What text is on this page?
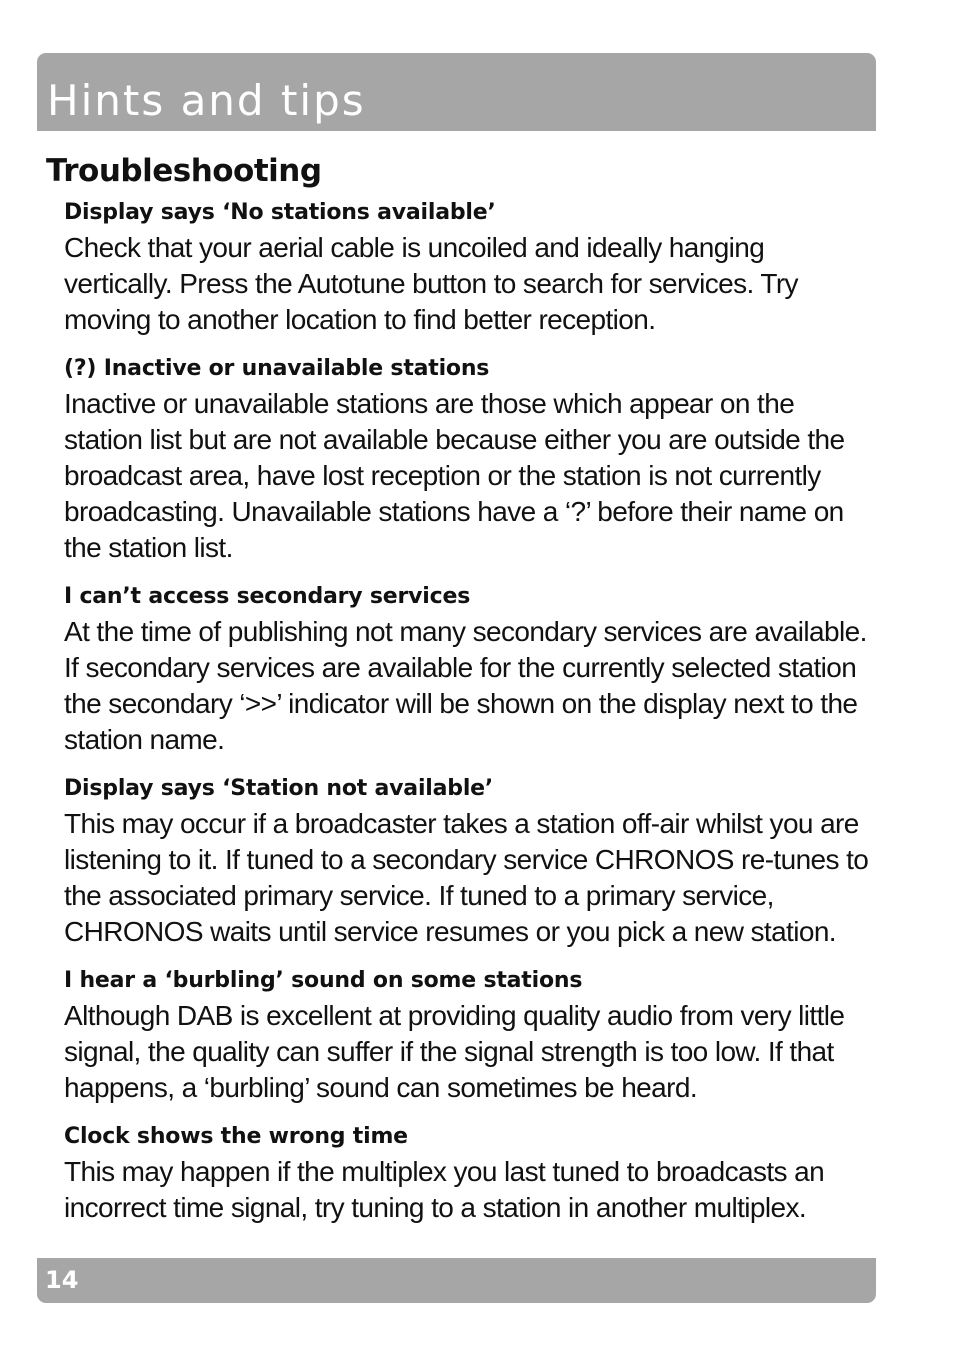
Hints and tips
Troubleshooting
Display says ‘No stations available’

Check that your aerial cable is uncoiled and ideally hanging vertically. Press the Autotune button to search for services. Try moving to another location to find better reception.

(?) Inactive or unavailable stations

Inactive or unavailable stations are those which appear on the station list but are not available because either you are outside the broadcast area, have lost reception or the station is not currently broadcasting. Unavailable stations have a ‘?’ before their name on the station list.

I can’t access secondary services

At the time of publishing not many secondary services are available. If secondary services are available for the currently selected station the secondary ‘>>’ indicator will be shown on the display next to the station name.

Display says ‘Station not available’

This may occur if a broadcaster takes a station off-air whilst you are listening to it. If tuned to a secondary service CHRONOS re-tunes to the associated primary service. If tuned to a primary service, CHRONOS waits until service resumes or you pick a new station.

I hear a ‘burbling’ sound on some stations

Although DAB is excellent at providing quality audio from very little signal, the quality can suffer if the signal strength is too low. If that happens, a ‘burbling’ sound can sometimes be heard.

Clock shows the wrong time

This may happen if the multiplex you last tuned to broadcasts an incorrect time signal, try tuning to a station in another multiplex.

14
